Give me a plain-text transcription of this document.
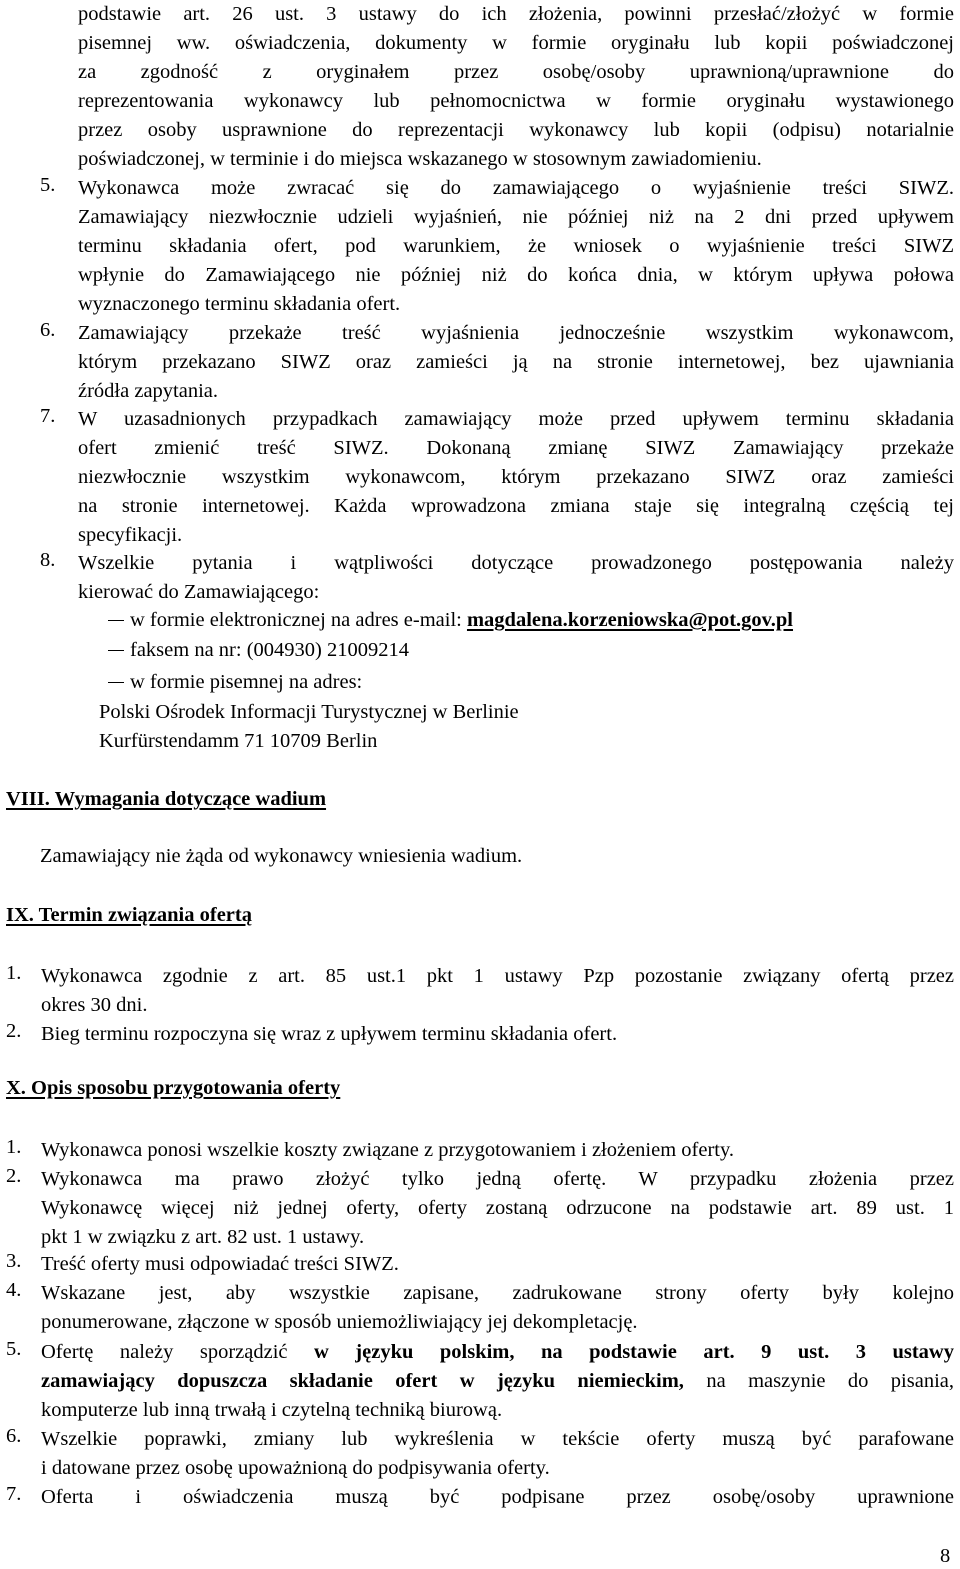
podstawie art. 26 ust. 3 ustawy do ich złożenia, powinni przesłać/złożyć w formie

pisemnej ww. oświadczenia, dokumenty w formie oryginału lub kopii poświadczonej

za zgodność z oryginałem przez osobę/osoby uprawnioną/uprawnione do

reprezentowania wykonawcy lub pełnomocnictwa w formie oryginału wystawionego

przez osoby usprawnione do reprezentacji wykonawcy lub kopii (odpisu) notarialnie

poświadczonej, w terminie i do miejsca wskazanego w stosownym zawiadomieniu.

5. Wykonawca może zwracać się do zamawiającego o wyjaśnienie treści SIWZ.

Zamawiający niezwłocznie udzieli wyjaśnień, nie później niż na 2 dni przed upływem

terminu składania ofert, pod warunkiem, że wniosek o wyjaśnienie treści SIWZ

wpłynie do Zamawiającego nie później niż do końca dnia, w którym upływa połowa

wyznaczonego terminu składania ofert.

6. Zamawiający przekaże treść wyjaśnienia jednocześnie wszystkim wykonawcom,

którym przekazano SIWZ oraz zamieści ją na stronie internetowej, bez ujawniania

źródła zapytania.

7. W uzasadnionych przypadkach zamawiający może przed upływem terminu składania

ofert zmienić treść SIWZ. Dokonaną zmianę SIWZ Zamawiający przekaże

niezwłocznie wszystkim wykonawcom, którym przekazano SIWZ oraz zamieści

na stronie internetowej. Każda wprowadzona zmiana staje się integralną częścią tej

specyfikacji.

8. Wszelkie pytania i wątpliwości dotyczące prowadzonego postępowania należy

kierować do Zamawiającego:

w formie elektronicznej na adres e-mail: magdalena.korzeniowska@pot.gov.pl
faksem na nr: (004930) 21009214
w formie pisemnej na adres:
Polski Ośrodek Informacji Turystycznej w Berlinie
Kurfürstendamm 71 10709 Berlin
VIII. Wymagania dotyczące wadium
Zamawiający nie żąda od wykonawcy wniesienia wadium.
IX. Termin związania ofertą
1. Wykonawca zgodnie z art. 85 ust.1 pkt 1 ustawy Pzp pozostanie związany ofertą przez

okres 30 dni.

2. Bieg terminu rozpoczyna się wraz z upływem terminu składania ofert.

X. Opis sposobu przygotowania oferty
1. Wykonawca ponosi wszelkie koszty związane z przygotowaniem i złożeniem oferty.

2. Wykonawca ma prawo złożyć tylko jedną ofertę. W przypadku złożenia przez

Wykonawcę więcej niż jednej oferty, oferty zostaną odrzucone na podstawie art. 89 ust. 1

pkt 1 w związku z art. 82 ust. 1 ustawy.

3. Treść oferty musi odpowiadać treści SIWZ.

4. Wskazane jest, aby wszystkie zapisane, zadrukowane strony oferty były kolejno

ponumerowane, złączone w sposób uniemożliwiający jej dekompletację.

5. Ofertę należy sporządzić w języku polskim, na podstawie art. 9 ust. 3 ustawy

zamawiający dopuszcza składanie ofert w języku niemieckim, na maszynie do pisania,

komputerze lub inną trwałą i czytelną techniką biurową.

6. Wszelkie poprawki, zmiany lub wykreślenia w tekście oferty muszą być parafowane

i datowane przez osobę upoważnioną do podpisywania oferty.

7. Oferta i oświadczenia muszą być podpisane przez osobę/osoby uprawnione

8
